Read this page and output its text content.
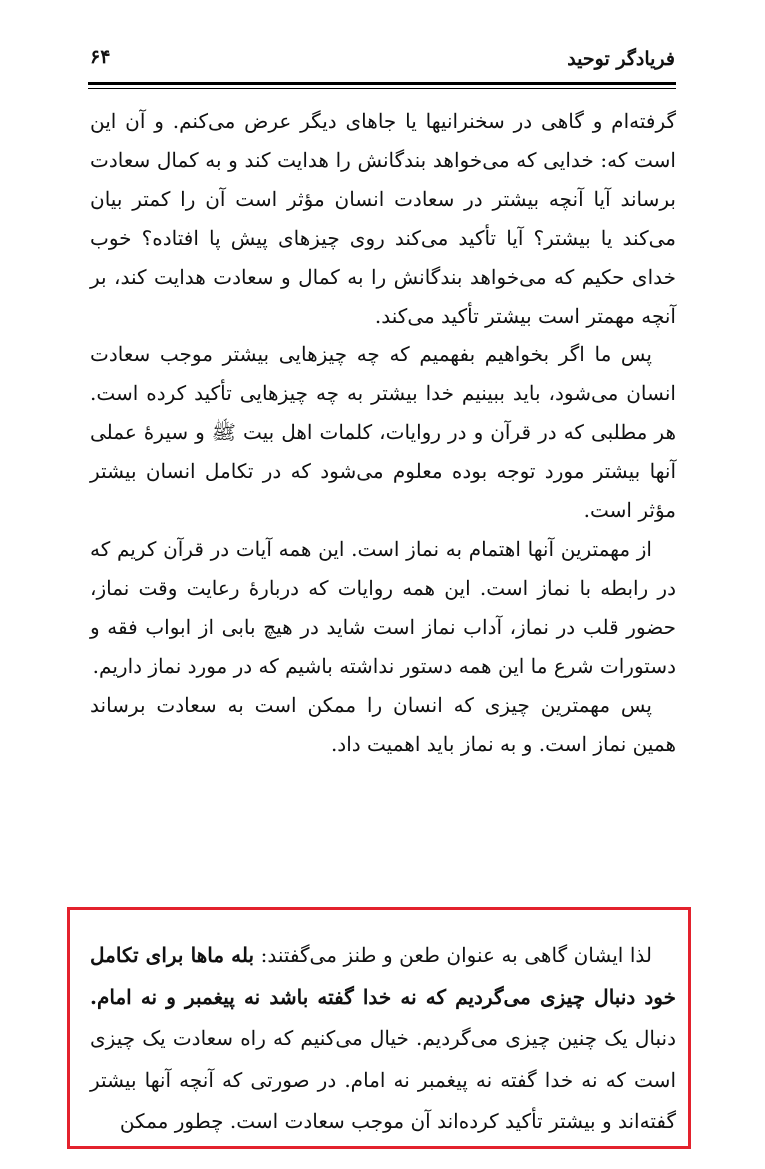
فریادگر توحید
۶۴

گرفته‌ام و گاهی در سخنرانیها یا جاهای دیگر عرض می‌کنم. و آن این است که: خدایی که می‌خواهد بندگانش را هدایت کند و به کمال سعادت برساند آیا آنچه بیشتر در سعادت انسان مؤثر است آن را کمتر بیان می‌کند یا بیشتر؟ آیا تأکید می‌کند روی چیزهای پیش پا افتاده؟ خوب خدای حکیم که می‌خواهد بندگانش را به کمال و سعادت هدایت کند، بر آنچه مهمتر است بیشتر تأکید می‌کند.

پس ما اگر بخواهیم بفهمیم که چه چیزهایی بیشتر موجب سعادت انسان می‌شود، باید ببینیم خدا بیشتر به چه چیزهایی تأکید کرده است. هر مطلبی که در قرآن و در روایات، کلمات اهل بیت ﷺ و سیرهٔ عملی آنها بیشتر مورد توجه بوده معلوم می‌شود که در تکامل انسان بیشتر مؤثر است.

از مهمترین آنها اهتمام به نماز است. این همه آیات در قرآن کریم که در رابطه با نماز است. این همه روایات که دربارهٔ رعایت وقت نماز، حضور قلب در نماز، آداب نماز است شاید در هیچ بابی از ابواب فقه و دستورات شرع ما این همه دستور نداشته باشیم که در مورد نماز داریم.

پس مهمترین چیزی که انسان را ممکن است به سعادت برساند همین نماز است. و به نماز باید اهمیت داد.

لذا ایشان گاهی به عنوان طعن و طنز می‌گفتند: بله ماها برای تکامل خود دنبال چیزی می‌گردیم که نه خدا گفته باشد نه پیغمبر و نه امام. دنبال یک چنین چیزی می‌گردیم. خیال می‌کنیم که راه سعادت یک چیزی است که نه خدا گفته نه پیغمبر نه امام. در صورتی که آنچه آنها بیشتر گفته‌اند و بیشتر تأکید کرده‌اند آن موجب سعادت است. چطور ممکن
